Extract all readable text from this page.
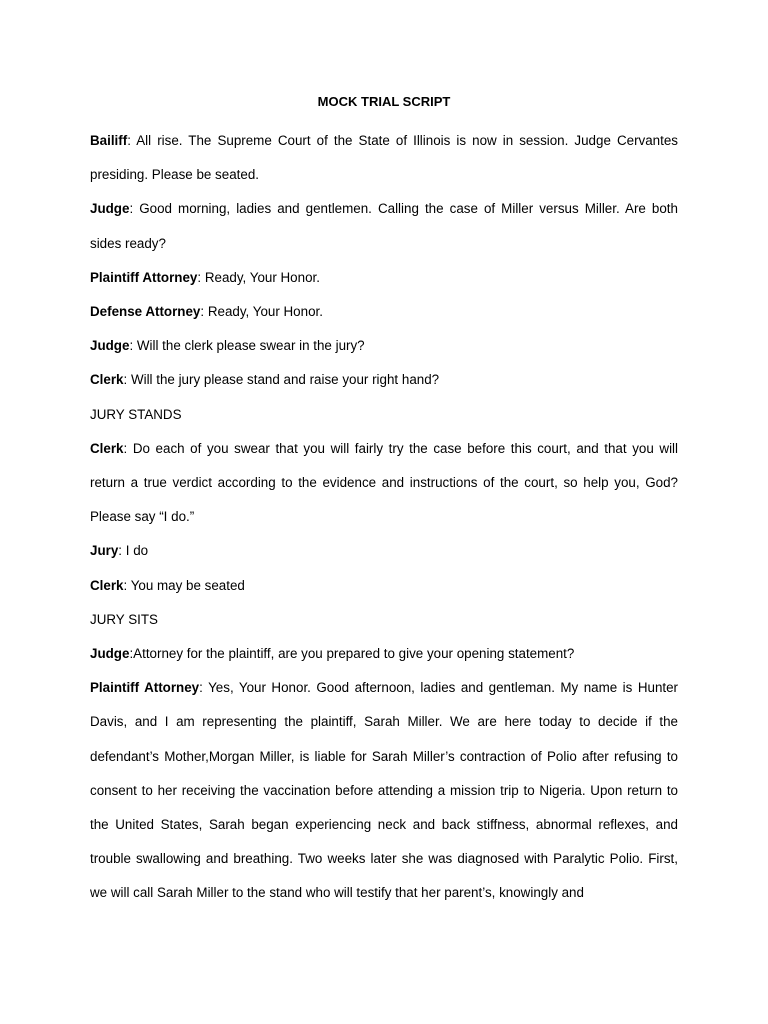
MOCK TRIAL SCRIPT

Bailiff: All rise. The Supreme Court of the State of Illinois is now in session. Judge Cervantes presiding. Please be seated.

Judge: Good morning, ladies and gentlemen. Calling the case of Miller versus Miller. Are both sides ready?

Plaintiff Attorney: Ready, Your Honor.

Defense Attorney: Ready, Your Honor.

Judge: Will the clerk please swear in the jury?

Clerk: Will the jury please stand and raise your right hand?

JURY STANDS

Clerk: Do each of you swear that you will fairly try the case before this court, and that you will return a true verdict according to the evidence and instructions of the court, so help you, God? Please say “I do.”

Jury: I do

Clerk: You may be seated

JURY SITS

Judge:Attorney for the plaintiff, are you prepared to give your opening statement?

Plaintiff Attorney: Yes, Your Honor. Good afternoon, ladies and gentleman. My name is Hunter Davis, and I am representing the plaintiff, Sarah Miller. We are here today to decide if the defendant’s Mother,Morgan Miller, is liable for Sarah Miller’s contraction of Polio after refusing to consent to her receiving the vaccination before attending a mission trip to Nigeria. Upon return to the United States, Sarah began experiencing neck and back stiffness, abnormal reflexes, and trouble swallowing and breathing. Two weeks later she was diagnosed with Paralytic Polio. First, we will call Sarah Miller to the stand who will testify that her parent’s, knowingly and
